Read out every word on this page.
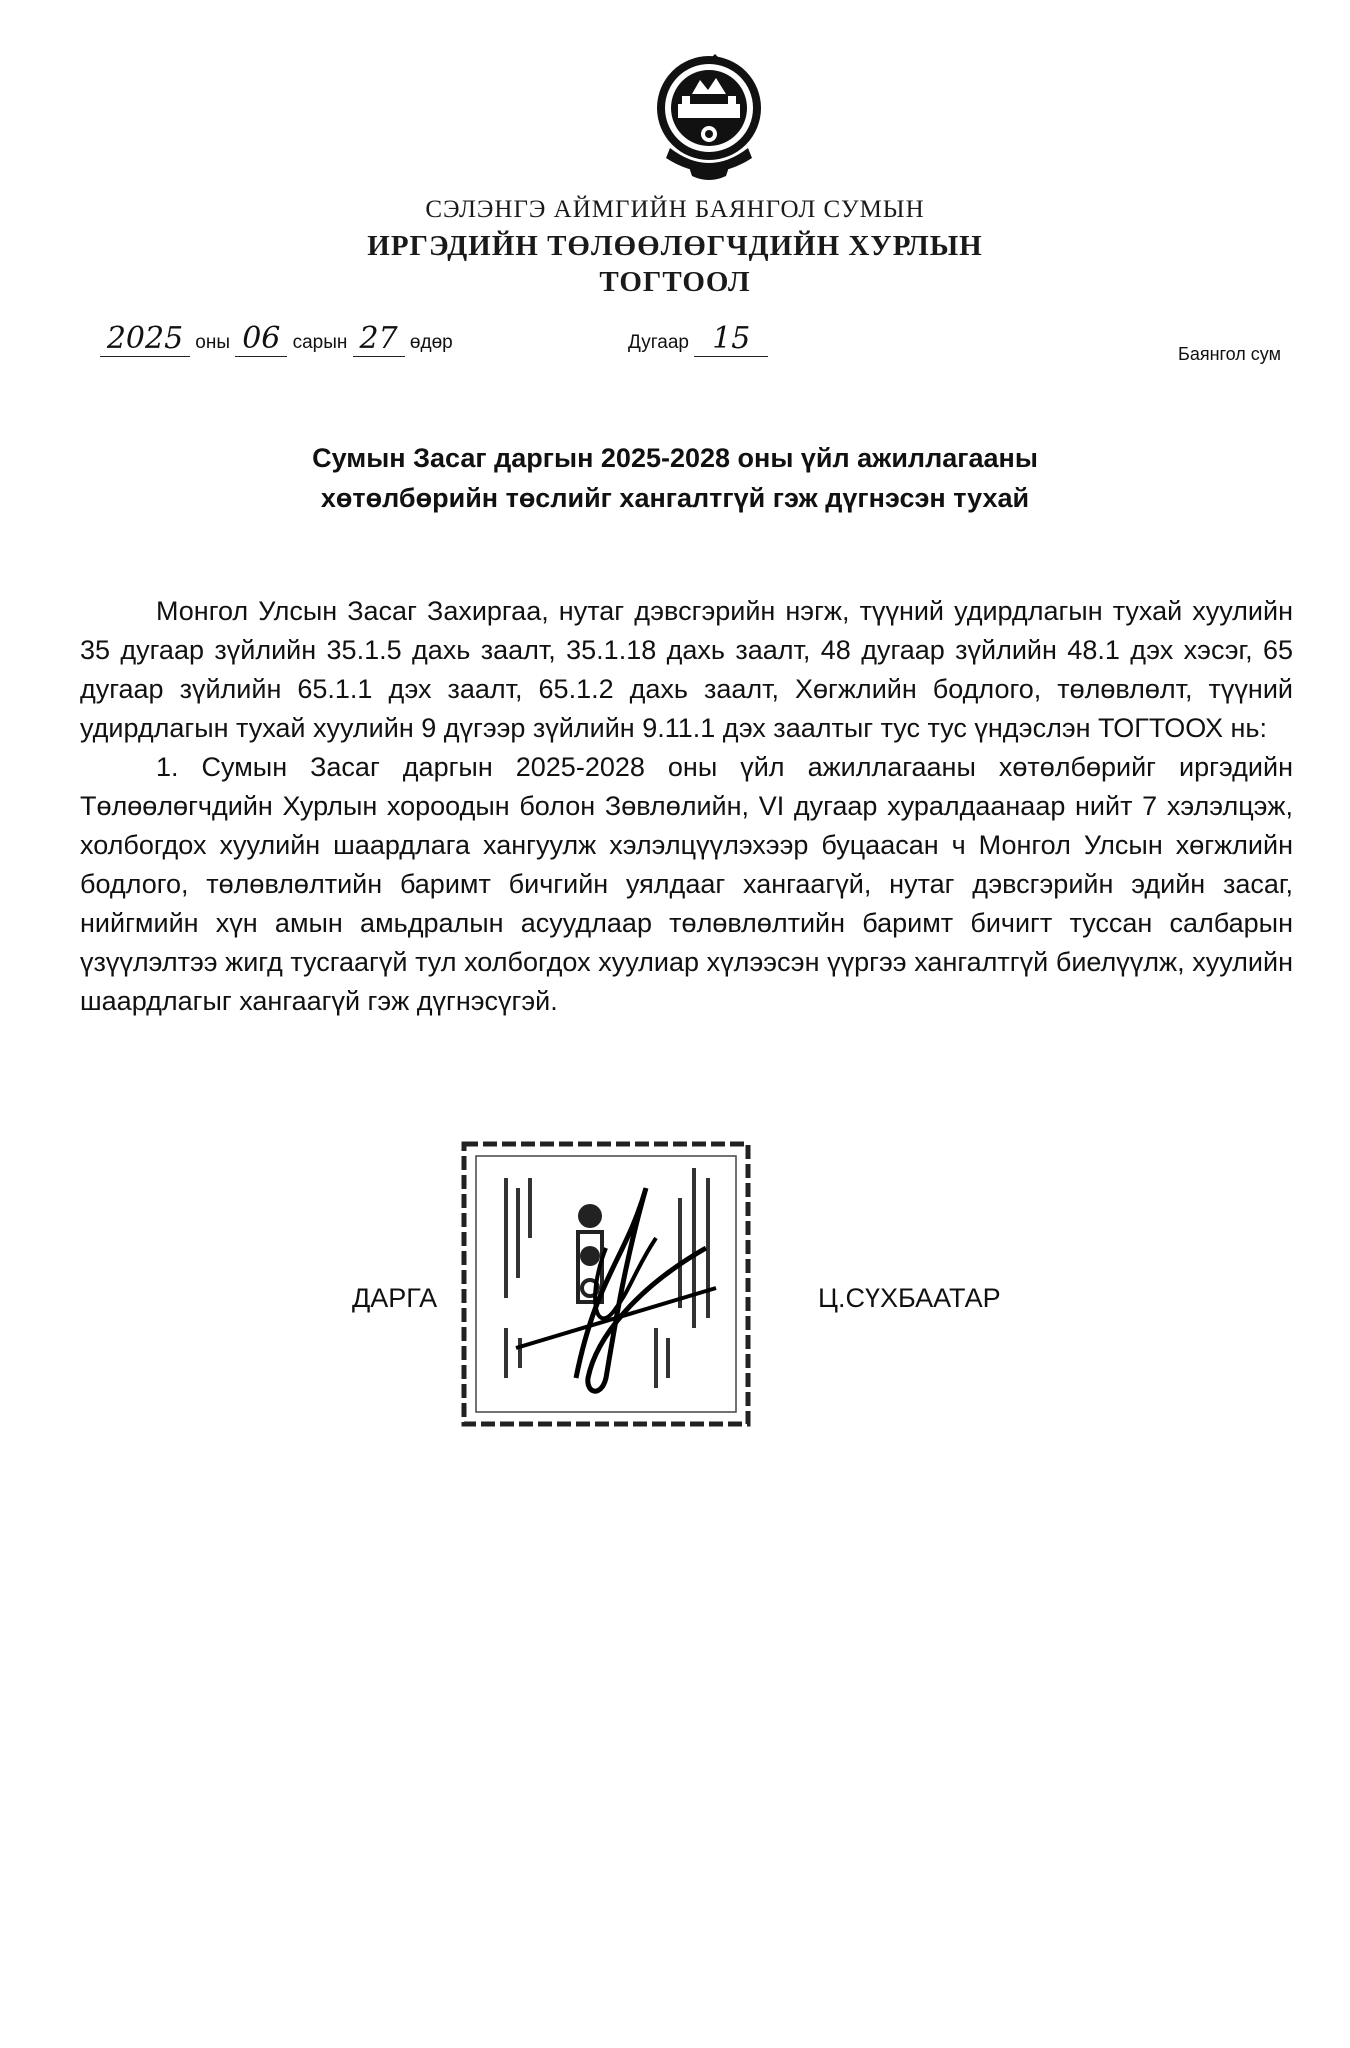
СЭЛЭНГЭ АЙМГИЙН БАЯНГОЛ СУМЫН
ИРГЭДИЙН ТӨЛӨӨЛӨГЧДИЙН ХУРЛЫН
ТОГТООЛ
2025 оны 06 сарын 27 өдөр	Дугаар 15	Баянгол сум
Сумын Засаг даргын 2025-2028 оны үйл ажиллагааны
хөтөлбөрийн төслийг хангалтгүй гэж дүгнэсэн тухай

Монгол Улсын Засаг Захиргаа, нутаг дэвсгэрийн нэгж, түүний удирдлагын тухай хуулийн 35 дугаар зүйлийн 35.1.5 дахь заалт, 35.1.18 дахь заалт, 48 дугаар зүйлийн 48.1 дэх хэсэг, 65 дугаар зүйлийн 65.1.1 дэх заалт, 65.1.2 дахь заалт, Хөгжлийн бодлого, төлөвлөлт, түүний удирдлагын тухай хуулийн 9 дүгээр зүйлийн 9.11.1 дэх заалтыг тус тус үндэслэн ТОГТООХ нь:

1. Сумын Засаг даргын 2025-2028 оны үйл ажиллагааны хөтөлбөрийг иргэдийн Төлөөлөгчдийн Хурлын хороодын болон Зөвлөлийн, VI дугаар хуралдаанаар нийт 7 хэлэлцэж, холбогдох хуулийн шаардлага хангуулж хэлэлцүүлэхээр буцаасан ч Монгол Улсын хөгжлийн бодлого, төлөвлөлтийн баримт бичгийн уялдааг хангаагүй, нутаг дэвсгэрийн эдийн засаг, нийгмийн хүн амын амьдралын асуудлаар төлөвлөлтийн баримт бичигт туссан салбарын үзүүлэлтээ жигд тусгаагүй тул холбогдох хуулиар хүлээсэн үүргээ хангалтгүй биелүүлж, хуулийн шаардлагыг хангаагүй гэж дүгнэсүгэй.

ДАРГА	Ц.СҮХБААТАР
